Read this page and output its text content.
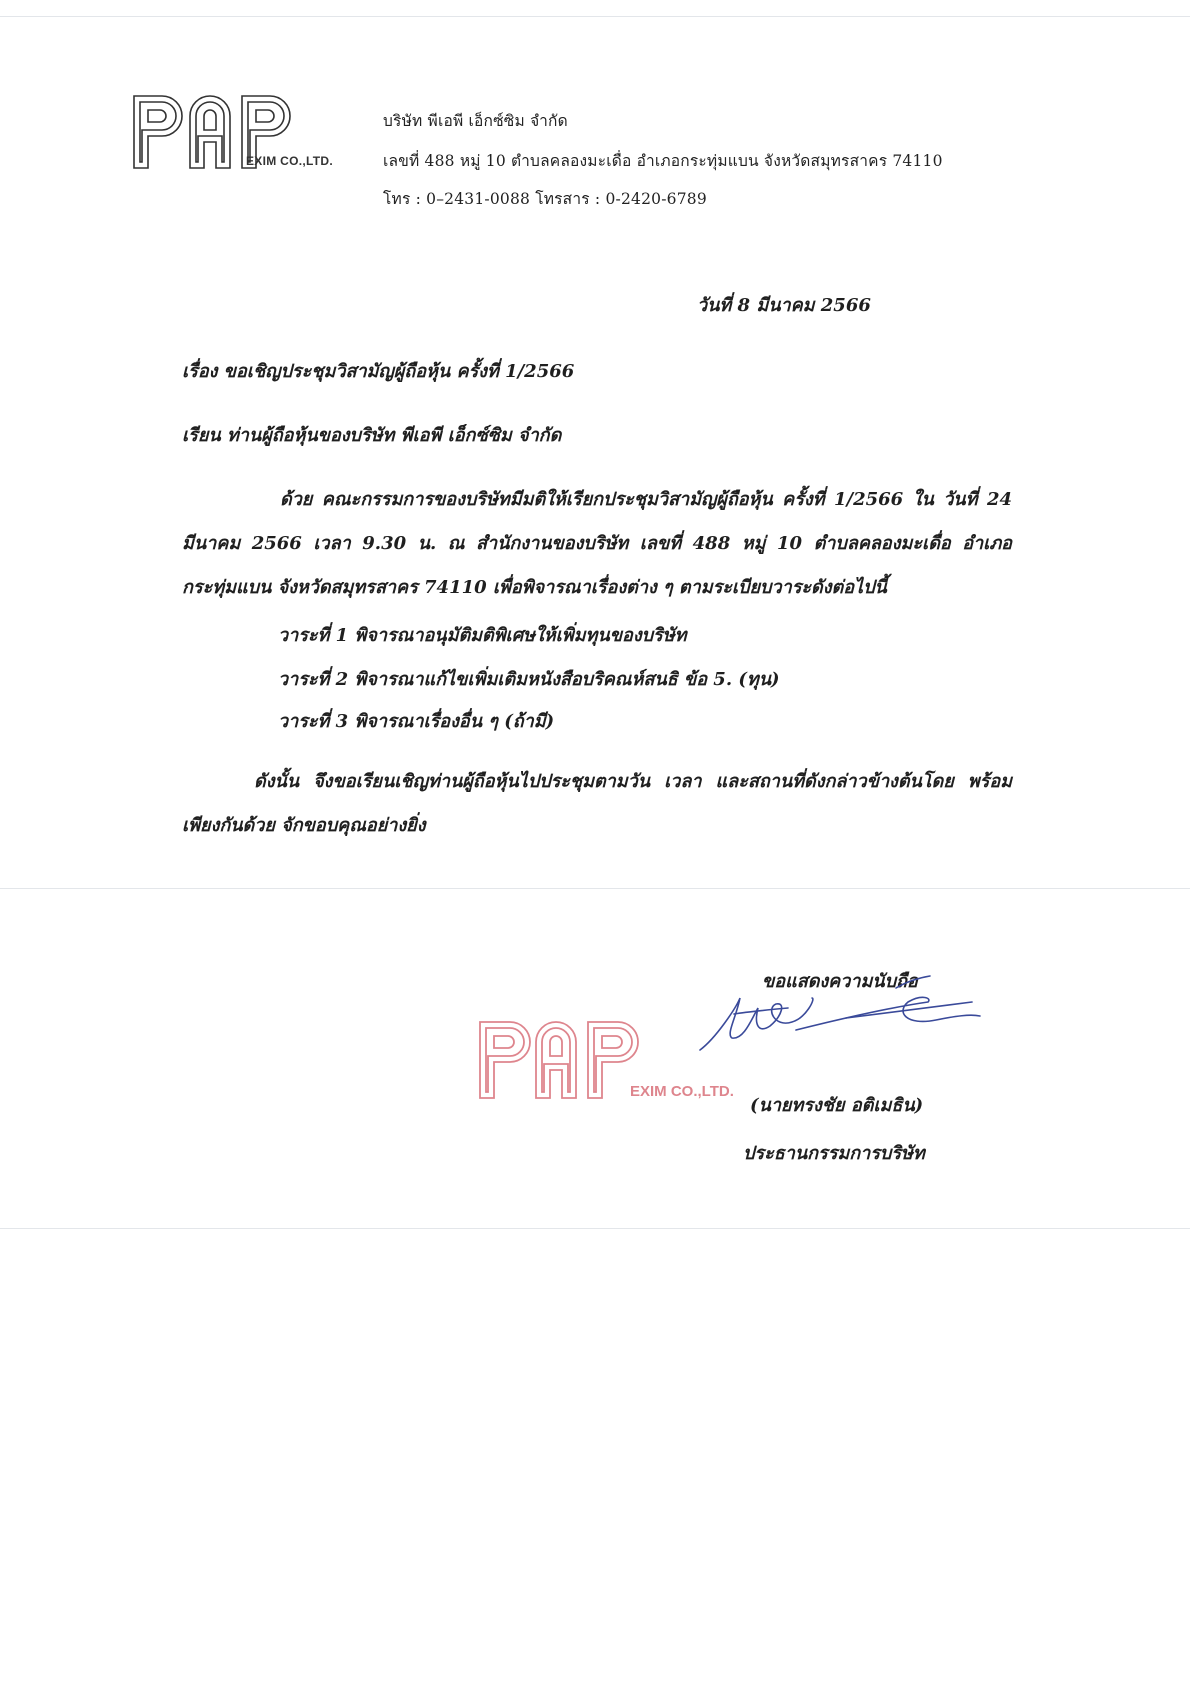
EXIM CO.,LTD.

บริษัท พีเอพี เอ็กซ์ซิม จำกัด

เลขที่ 488 หมู่ 10 ตำบลคลองมะเดื่อ อำเภอกระทุ่มแบน จังหวัดสมุทรสาคร 74110

โทร : 0–2431-0088 โทรสาร : 0-2420-6789

วันที่ 8 มีนาคม 2566

เรื่อง ขอเชิญประชุมวิสามัญผู้ถือหุ้น ครั้งที่ 1/2566

เรียน ท่านผู้ถือหุ้นของบริษัท พีเอพี เอ็กซ์ซิม จำกัด

ด้วย คณะกรรมการของบริษัทมีมติให้เรียกประชุมวิสามัญผู้ถือหุ้น ครั้งที่ 1/2566 ใน วันที่ 24 มีนาคม 2566 เวลา 9.30 น. ณ สำนักงานของบริษัท เลขที่ 488 หมู่ 10 ตำบลคลองมะเดื่อ อำเภอกระทุ่มแบน จังหวัดสมุทรสาคร 74110 เพื่อพิจารณาเรื่องต่าง ๆ ตามระเบียบวาระดังต่อไปนี้

วาระที่ 1 พิจารณาอนุมัติมติพิเศษให้เพิ่มทุนของบริษัท

วาระที่ 2 พิจารณาแก้ไขเพิ่มเติมหนังสือบริคณห์สนธิ ข้อ 5. (ทุน)

วาระที่ 3 พิจารณาเรื่องอื่น ๆ (ถ้ามี)

ดังนั้น จึงขอเรียนเชิญท่านผู้ถือหุ้นไปประชุมตามวัน เวลา และสถานที่ดังกล่าวข้างต้นโดย พร้อมเพียงกันด้วย จักขอบคุณอย่างยิ่ง

ขอแสดงความนับถือ

EXIM CO.,LTD.

(นายทรงชัย อติเมธิน)

ประธานกรรมการบริษัท
